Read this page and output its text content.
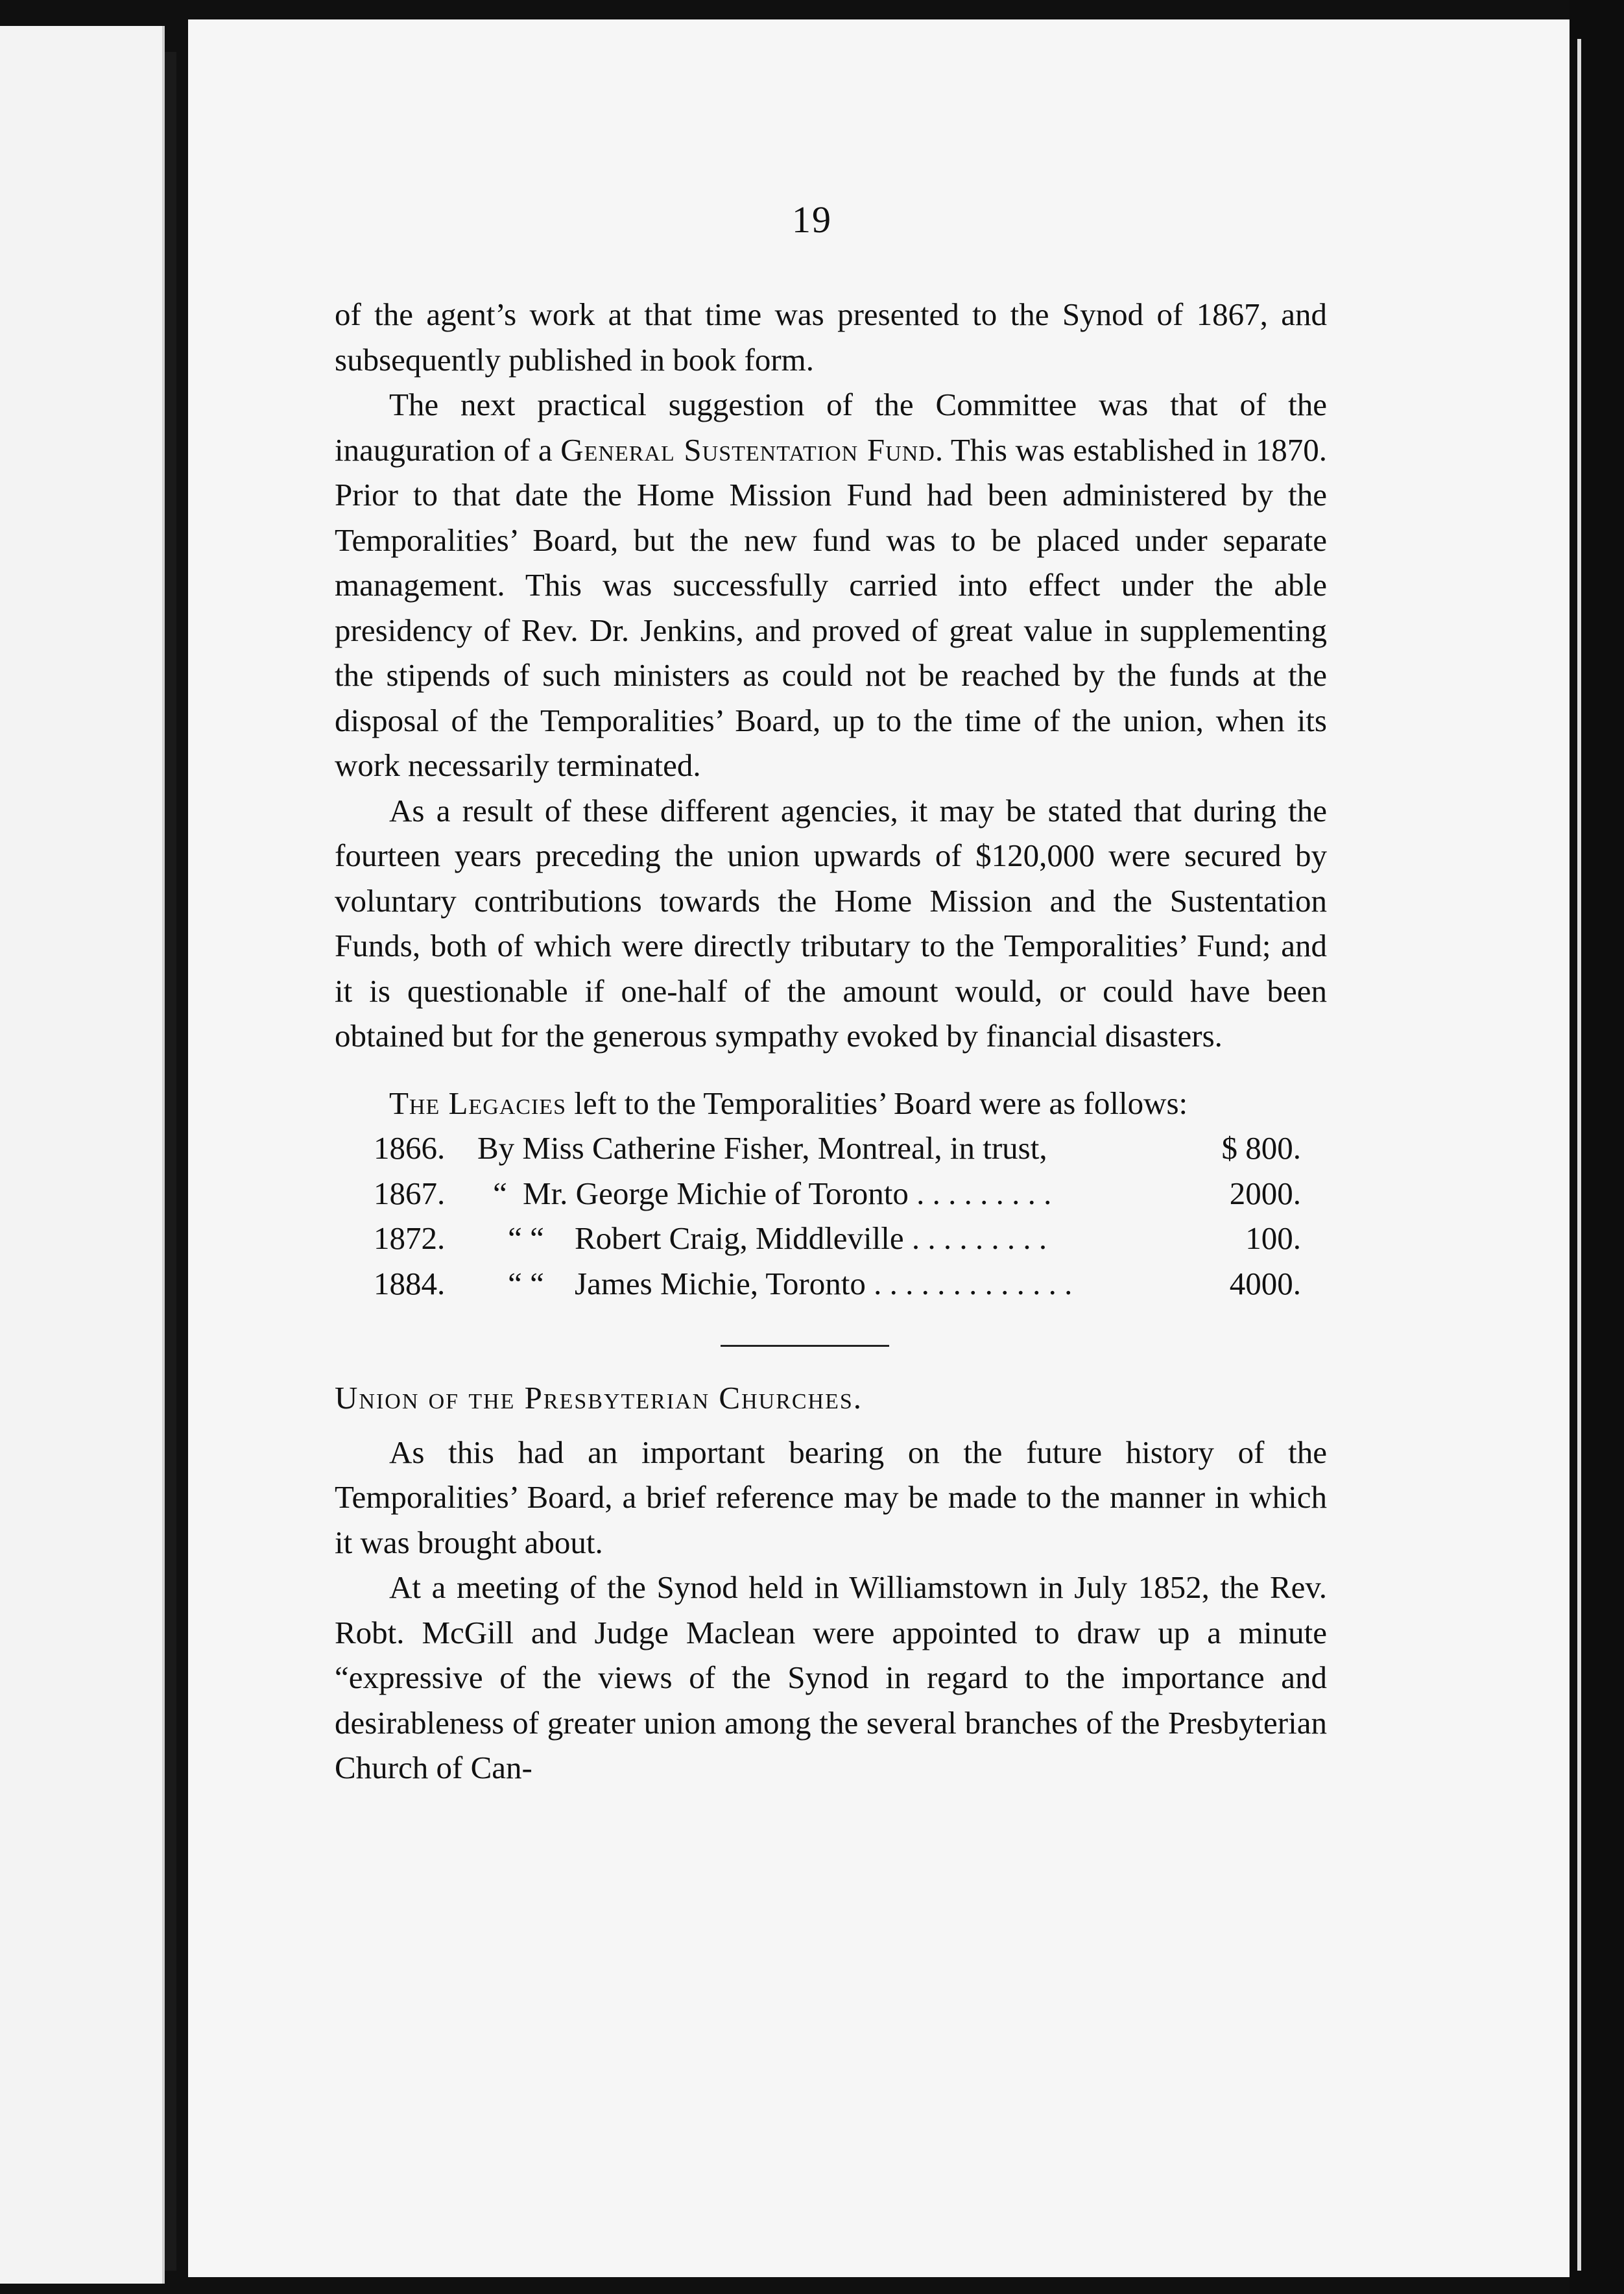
19

of the agent’s work at that time was presented to the Synod of 1867, and subsequently published in book form.

The next practical suggestion of the Committee was that of the inauguration of a General Sustentation Fund. This was established in 1870. Prior to that date the Home Mission Fund had been administered by the Temporalities’ Board, but the new fund was to be placed under separate management. This was successfully carried into effect under the able presidency of Rev. Dr. Jenkins, and proved of great value in supplementing the stipends of such ministers as could not be reached by the funds at the disposal of the Temporalities’ Board, up to the time of the union, when its work necessarily terminated.

As a result of these different agencies, it may be stated that during the fourteen years preceding the union upwards of $120,000 were secured by voluntary contributions towards the Home Mission and the Sustentation Funds, both of which were directly tributary to the Temporalities’ Fund; and it is questionable if one-half of the amount would, or could have been obtained but for the generous sympathy evoked by financial disasters.

The Legacies left to the Temporalities’ Board were as follows:

1866.	By Miss Catherine Fisher, Montreal, in trust,	$ 800.
1867.	“ Mr. George Michie of Toronto . . . . . . . . .	2000.
1872.	“ “ Robert Craig, Middleville . . . . . . . . .	100.
1884.	“ “ James Michie, Toronto . . . . . . . . . . . . .	4000.

Union of the Presbyterian Churches.

As this had an important bearing on the future history of the Temporalities’ Board, a brief reference may be made to the manner in which it was brought about.

At a meeting of the Synod held in Williamstown in July 1852, the Rev. Robt. McGill and Judge Maclean were appointed to draw up a minute “expressive of the views of the Synod in regard to the importance and desirableness of greater union among the several branches of the Presbyterian Church of Can-
